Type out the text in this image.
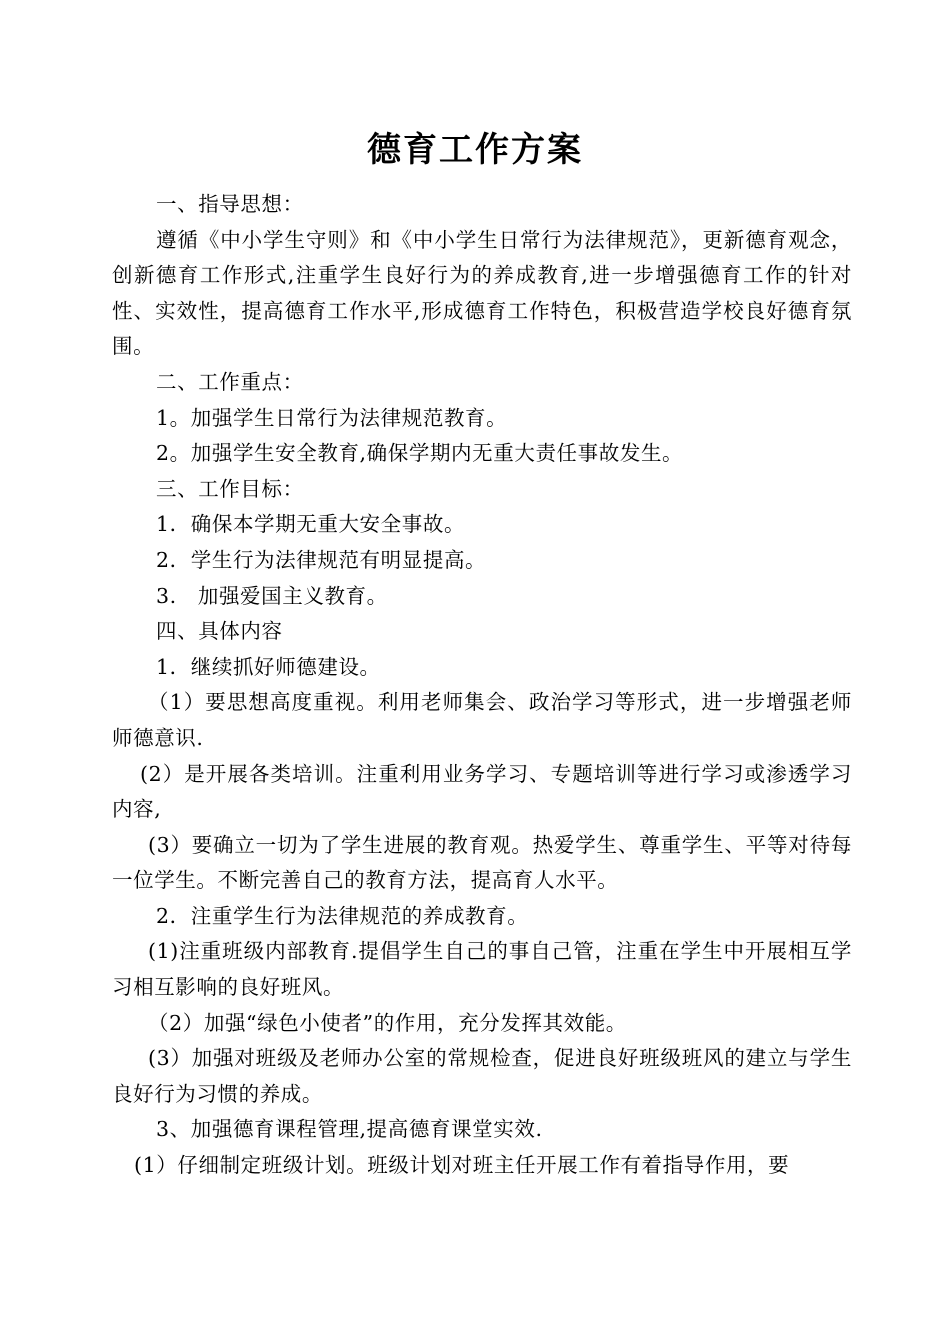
德育工作方案

一、指导思想：

遵循《中小学生守则》和《中小学生日常行为法律规范》，更新德育观念，创新德育工作形式,注重学生良好行为的养成教育,进一步增强德育工作的针对性、实效性，提高德育工作水平,形成德育工作特色，积极营造学校良好德育氛围。

二、工作重点：

1。加强学生日常行为法律规范教育。

2。加强学生安全教育,确保学期内无重大责任事故发生。

三、工作目标：

1．确保本学期无重大安全事故。

2．学生行为法律规范有明显提高。

3.　加强爱国主义教育。

四、具体内容

1．继续抓好师德建设。

（1）要思想高度重视。利用老师集会、政治学习等形式，进一步增强老师师德意识.

(2）是开展各类培训。注重利用业务学习、专题培训等进行学习或渗透学习内容,

(3）要确立一切为了学生进展的教育观。热爱学生、尊重学生、平等对待每一位学生。不断完善自己的教育方法，提高育人水平。

2．注重学生行为法律规范的养成教育。

(1)注重班级内部教育.提倡学生自己的事自己管，注重在学生中开展相互学习相互影响的良好班风。

（2）加强“绿色小使者”的作用，充分发挥其效能。

(3）加强对班级及老师办公室的常规检查，促进良好班级班风的建立与学生良好行为习惯的养成。

3、加强德育课程管理,提高德育课堂实效.

(1）仔细制定班级计划。班级计划对班主任开展工作有着指导作用，要
